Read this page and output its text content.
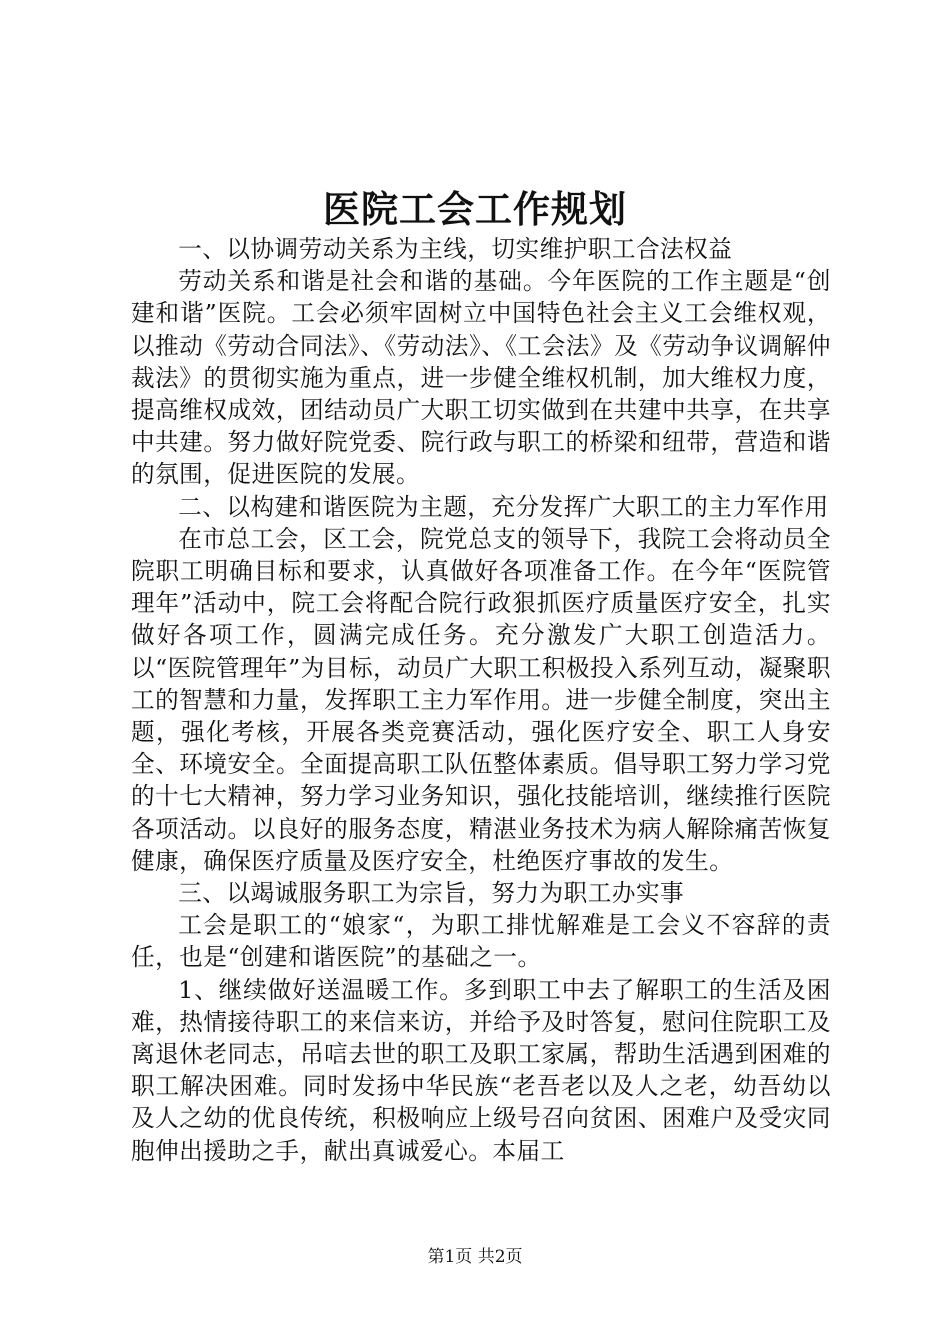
医院工会工作规划

一、以协调劳动关系为主线，切实维护职工合法权益

劳动关系和谐是社会和谐的基础。今年医院的工作主题是“创建和谐”医院。工会必须牢固树立中国特色社会主义工会维权观，以推动《劳动合同法》、《劳动法》、《工会法》及《劳动争议调解仲裁法》的贯彻实施为重点，进一步健全维权机制，加大维权力度，提高维权成效，团结动员广大职工切实做到在共建中共享，在共享中共建。努力做好院党委、院行政与职工的桥梁和纽带，营造和谐的氛围，促进医院的发展。

二、以构建和谐医院为主题，充分发挥广大职工的主力军作用

在市总工会，区工会，院党总支的领导下，我院工会将动员全院职工明确目标和要求，认真做好各项准备工作。在今年“医院管理年”活动中，院工会将配合院行政狠抓医疗质量医疗安全，扎实做好各项工作，圆满完成任务。充分激发广大职工创造活力。以“医院管理年”为目标，动员广大职工积极投入系列互动，凝聚职工的智慧和力量，发挥职工主力军作用。进一步健全制度，突出主题，强化考核，开展各类竞赛活动，强化医疗安全、职工人身安全、环境安全。全面提高职工队伍整体素质。倡导职工努力学习党的十七大精神，努力学习业务知识，强化技能培训，继续推行医院各项活动。以良好的服务态度，精湛业务技术为病人解除痛苦恢复健康，确保医疗质量及医疗安全，杜绝医疗事故的发生。

三、以竭诚服务职工为宗旨，努力为职工办实事

工会是职工的“娘家“，为职工排忧解难是工会义不容辞的责任，也是“创建和谐医院”的基础之一。

1、继续做好送温暖工作。多到职工中去了解职工的生活及困难，热情接待职工的来信来访，并给予及时答复，慰问住院职工及离退休老同志，吊唁去世的职工及职工家属，帮助生活遇到困难的职工解决困难。同时发扬中华民族“老吾老以及人之老，幼吾幼以及人之幼的优良传统，积极响应上级号召向贫困、困难户及受灾同胞伸出援助之手，献出真诚爱心。本届工

第1页 共2页
